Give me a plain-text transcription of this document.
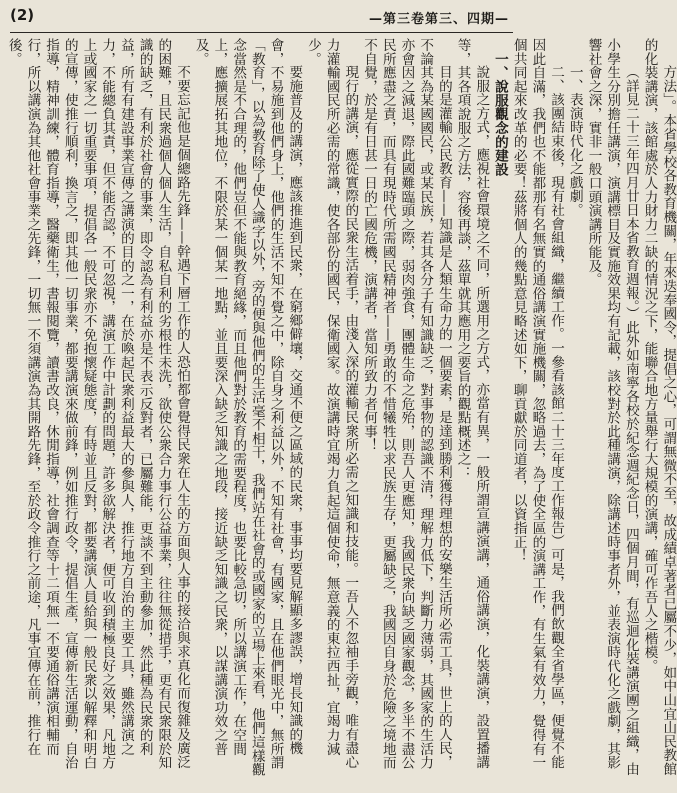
(2)	—第三卷第三、四期—

方法」。本省學校各教育機關，年來迭奉國令，提倡之心，可謂無微不至，故成績卓著者已屬不少，如中山宜山民教館的化裝講演，該館處於人力財力二缺的情況之下，能聯合地方量舉行大規模的演講，確可作吾人之楷模。

（詳見二十三年四月廿日本省教育週報。）此外如南寧各校於紀念週紀念日，四個月間，有巡迴化裝講演團之組織，由小學生分別擔任講演，演講標目及實施效果均有記載，該校對於此種講演，除講述時事者外，並表演時代化之戲劇，其影響社會之深，實非一般口頭演講所能及。

一、表演時代化之戲劇。

二、該團結束後，現有社會組織，繼續工作。一參看該館二十三年度工作報告）可是，我們飲觀全省學區，便覺不能因此自滿，我們也不能都那有名無實的通俗講演實施機關，忽略過去，為了使全區的演講工作，有生氣有效力，覺得有一個共同起來改革的必要！茲將個人的幾點意見略述如下，聊貢獻於同道者，以資指正！

一、說服觀念的建設

說服之方式，應視社會環境之不同，所選用之方式，亦當有異，一般所謂宣講演講，通俗講演，化裝講演，設置播講等，其各項說服之方法，容後再談，茲單就其應用之要旨的觀點概述之：

目的是灌輸公民教育——知識是人類生命力的一個要素，是達到勝利獲得理想的安樂生活所必需工具，世上的人民，不論其為某國國民，或某民族，若其各分子有知識缺乏，對事物的認識不清，理解力低下，判斷力薄弱，其國家的生活力亦會因之減退，際此國難臨頭之際，弱肉強食，團體生命之危殆，則吾人更應知，我國民衆向缺乏國家觀念，多半不盡公民所應盡之責，而具有現時代所需國民精神者——勇敢的不惜犧牲以求民族生存，更屬缺乏，我國因自身於危險之境地而不自覺，於是有日甚一日的亡國危機，演講者，當知所致力者何事！

現行的講演，應從實際的民衆生活着手，由淺入深的灌輸民衆所必需之知識和技能。一吾人不忽袖手旁觀，唯有盡心力灌輸國民所必需的常識，使各部份的國民，保衛國家。故演講時宜竭力負起這個使命，無意義的東拉西扯，宜竭力減少。

要施普及的講演，應該推進到民衆，在窮鄉僻壤，交通不便之區域的民衆，事事均要見解顯多謬誤，增長知識的機會，不易施到他們身上，他們的生活不知不覺之中，除自身之利益以外，不知有社會，有國家，且在他們眼光中，無所謂「教育」，以為教育除了使人識字以外，旁的便與他們的生活毫不相干，我們站在社會的或國家的立場上來看，他們這樣觀念當然是不合理的，他們豈但不能與教育絕緣，而且他們對於教育的需要程度，也要比較急切，所以講演工作，在空間上，應擴展拓其地位，不限於某一個某一地點，並且要深入缺乏知識之地段，接近缺乏知識之民衆，以謀講演功效之普及。

不要忘記他是個總路先鋒——幹遇下層工作的人恐怕都會覺得民衆在人生的方面與人事的接洽與求真化而復雜及廣泛的困難，且民衆過個人個人生活，自私自利的劣根性未洗，欲使公衆合力事行公益事業，往往無從措手，更有民衆限於知識的缺乏，有利於社會的事業，即令認為有利益亦是不表示反對者，已屬難能，更談不到主動參加，然此種為民衆的利益，所有有建設事業宣傳之講演的目的之一，在於喚起民衆利益最大的參與人，推行地方自治的主要工具，雖然講演之力，不能總負其責，但不能否認，不可忽視，講演工作中計劃的問題，許多欲解決者，便可收到積極良好之效果，凡地方上或國家之一切重要事項，提倡各一般民衆亦不免抱懷疑態度，有時並且反對，都要講演人員給與一般民衆以解釋和明白的宣傳，使推行順利，換言之，即其他一切事業，都要講演來做前鋒，例如推行政令，提倡生產，宣傳新生活運動，自治指導，精神訓練，體育指導，醫藥衛生，書報閱覽，讀書改良，休閒指導，社會調查等十二項無一不要通俗講演相輔而行，所以講演為其他社會事業之先鋒，一切無一不須講演為其開路先鋒，至於政令推行之前途，凡事宜傳在前，推行在後。
